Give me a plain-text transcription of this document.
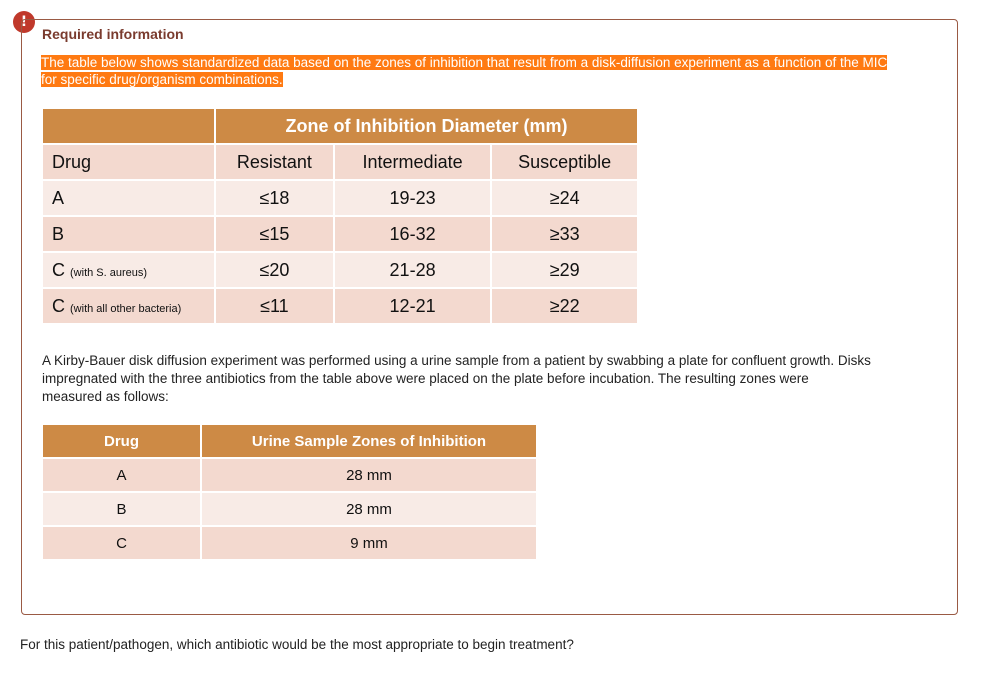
!
Required information
The table below shows standardized data based on the zones of inhibition that result from a disk-diffusion experiment as a function of the MIC for specific drug/organism combinations.
	Zone of Inhibition Diameter (mm)		
Drug	Resistant	Intermediate	Susceptible
A	≤18	19-23	≥24
B	≤15	16-32	≥33
C (with S. aureus)	≤20	21-28	≥29
C (with all other bacteria)	≤11	12-21	≥22
A Kirby-Bauer disk diffusion experiment was performed using a urine sample from a patient by swabbing a plate for confluent growth. Disks impregnated with the three antibiotics from the table above were placed on the plate before incubation. The resulting zones were measured as follows:
Drug	Urine Sample Zones of Inhibition
A	28 mm
B	28 mm
C	9 mm
For this patient/pathogen, which antibiotic would be the most appropriate to begin treatment?
